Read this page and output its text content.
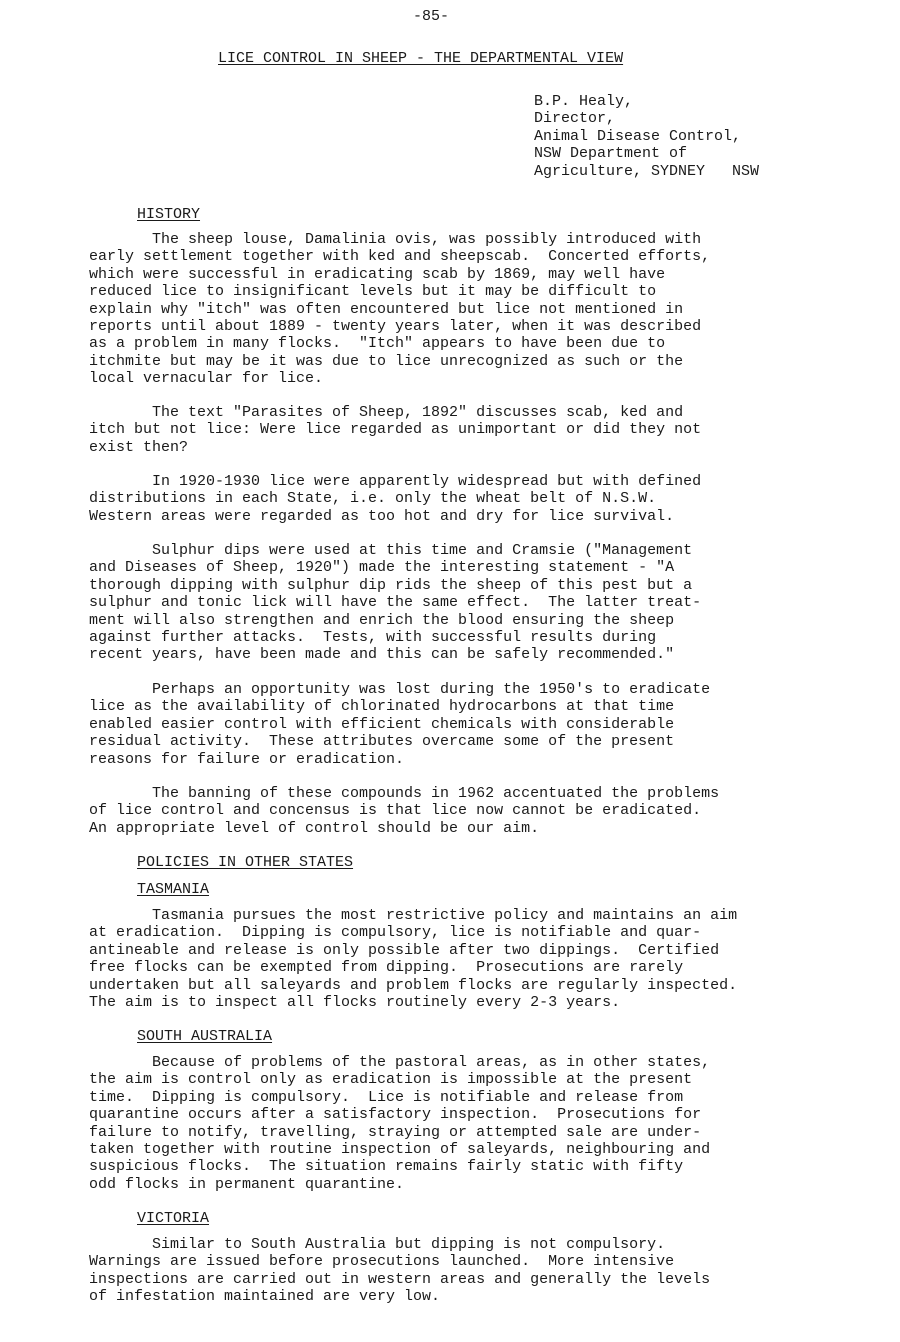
-85-
LICE CONTROL IN SHEEP - THE DEPARTMENTAL VIEW
B.P. Healy,
Director,
Animal Disease Control,
NSW Department of
Agriculture, SYDNEY   NSW
HISTORY
The sheep louse, Damalinia ovis, was possibly introduced with
early settlement together with ked and sheepscab.  Concerted efforts,
which were successful in eradicating scab by 1869, may well have
reduced lice to insignificant levels but it may be difficult to
explain why "itch" was often encountered but lice not mentioned in
reports until about 1889 - twenty years later, when it was described
as a problem in many flocks.  "Itch" appears to have been due to
itchmite but may be it was due to lice unrecognized as such or the
local vernacular for lice.
The text "Parasites of Sheep, 1892" discusses scab, ked and
itch but not lice: Were lice regarded as unimportant or did they not
exist then?
In 1920-1930 lice were apparently widespread but with defined
distributions in each State, i.e. only the wheat belt of N.S.W.
Western areas were regarded as too hot and dry for lice survival.
Sulphur dips were used at this time and Cramsie ("Management
and Diseases of Sheep, 1920") made the interesting statement - "A
thorough dipping with sulphur dip rids the sheep of this pest but a
sulphur and tonic lick will have the same effect.  The latter treat-
ment will also strengthen and enrich the blood ensuring the sheep
against further attacks.  Tests, with successful results during
recent years, have been made and this can be safely recommended."
Perhaps an opportunity was lost during the 1950's to eradicate
lice as the availability of chlorinated hydrocarbons at that time
enabled easier control with efficient chemicals with considerable
residual activity.  These attributes overcame some of the present
reasons for failure or eradication.
The banning of these compounds in 1962 accentuated the problems
of lice control and concensus is that lice now cannot be eradicated.
An appropriate level of control should be our aim.
POLICIES IN OTHER STATES
TASMANIA
Tasmania pursues the most restrictive policy and maintains an aim
at eradication.  Dipping is compulsory, lice is notifiable and quar-
antineable and release is only possible after two dippings.  Certified
free flocks can be exempted from dipping.  Prosecutions are rarely
undertaken but all saleyards and problem flocks are regularly inspected.
The aim is to inspect all flocks routinely every 2-3 years.
SOUTH AUSTRALIA
Because of problems of the pastoral areas, as in other states,
the aim is control only as eradication is impossible at the present
time.  Dipping is compulsory.  Lice is notifiable and release from
quarantine occurs after a satisfactory inspection.  Prosecutions for
failure to notify, travelling, straying or attempted sale are under-
taken together with routine inspection of saleyards, neighbouring and
suspicious flocks.  The situation remains fairly static with fifty
odd flocks in permanent quarantine.
VICTORIA
Similar to South Australia but dipping is not compulsory.
Warnings are issued before prosecutions launched.  More intensive
inspections are carried out in western areas and generally the levels
of infestation maintained are very low.
